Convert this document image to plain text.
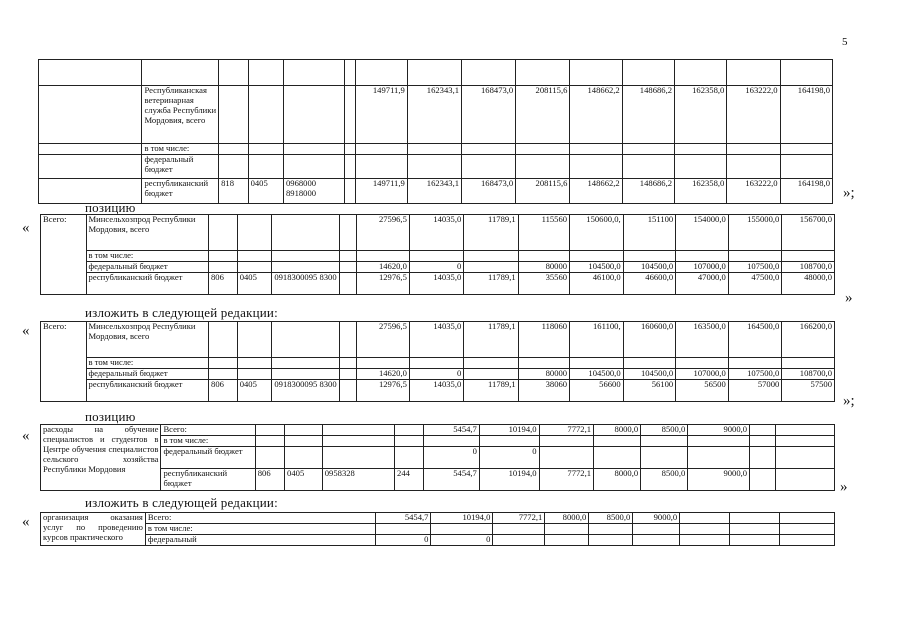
5

	Республиканская ветеринарная служба Республики Мордовия, всего					149711,9	162343,1	168473,0	208115,6	148662,2	148686,2	162358,0	163222,0	164198,0
	в том числе:													
	федеральный бюджет													
	республиканский бюджет	818	0405	0968000 8918000		149711,9	162343,1	168473,0	208115,6	148662,2	148686,2	162358,0	163222,0	164198,0
»;
позицию
«
Всего:	Минсельхозпрод Республики Мордовия, всего					27596,5	14035,0	11789,1	115560	150600,0,	151100	154000,0	155000,0	156700,0
	в том числе:													
	федеральный бюджет					14620,0	0		80000	104500,0	104500,0	107000,0	107500,0	108700,0
	республиканский бюджет	806	0405	0918300095 8300		12976,5	14035,0	11789,1	35560	46100,0	46600,0	47000,0	47500,0	48000,0
»
изложить в следующей редакции:
« Всего:	Минсельхозпрод Республики Мордовия, всего					27596,5	14035,0	11789,1	118060	161100,	160600,0	163500,0	164500,0	166200,0
	в том числе:													
	федеральный бюджет					14620,0	0		80000	104500,0	104500,0	107000,0	107500,0	108700,0
	республиканский бюджет	806	0405	0918300095 8300		12976,5	14035,0	11789,1	38060	56600	56100	56500	57000	57500
»;
позицию
« расходы на обучение специалистов и студентов в Центре обучения специалистов сельского хозяйства Республики Мордовия	Всего:					5454,7	10194,0	7772,1	8000,0	8500,0	9000,0		
	в том числе:												
	федеральный бюджет					0	0						
	республиканский бюджет	806	0405	0958328	244	5454,7	10194,0	7772,1	8000,0	8500,0	9000,0		
»
изложить в следующей редакции:
« организация оказания услуг по проведению курсов практического	Всего:	5454,7	10194,0	7772,1	8000,0	8500,0	9000,0			
	в том числе:									
	федеральный	0	0							
